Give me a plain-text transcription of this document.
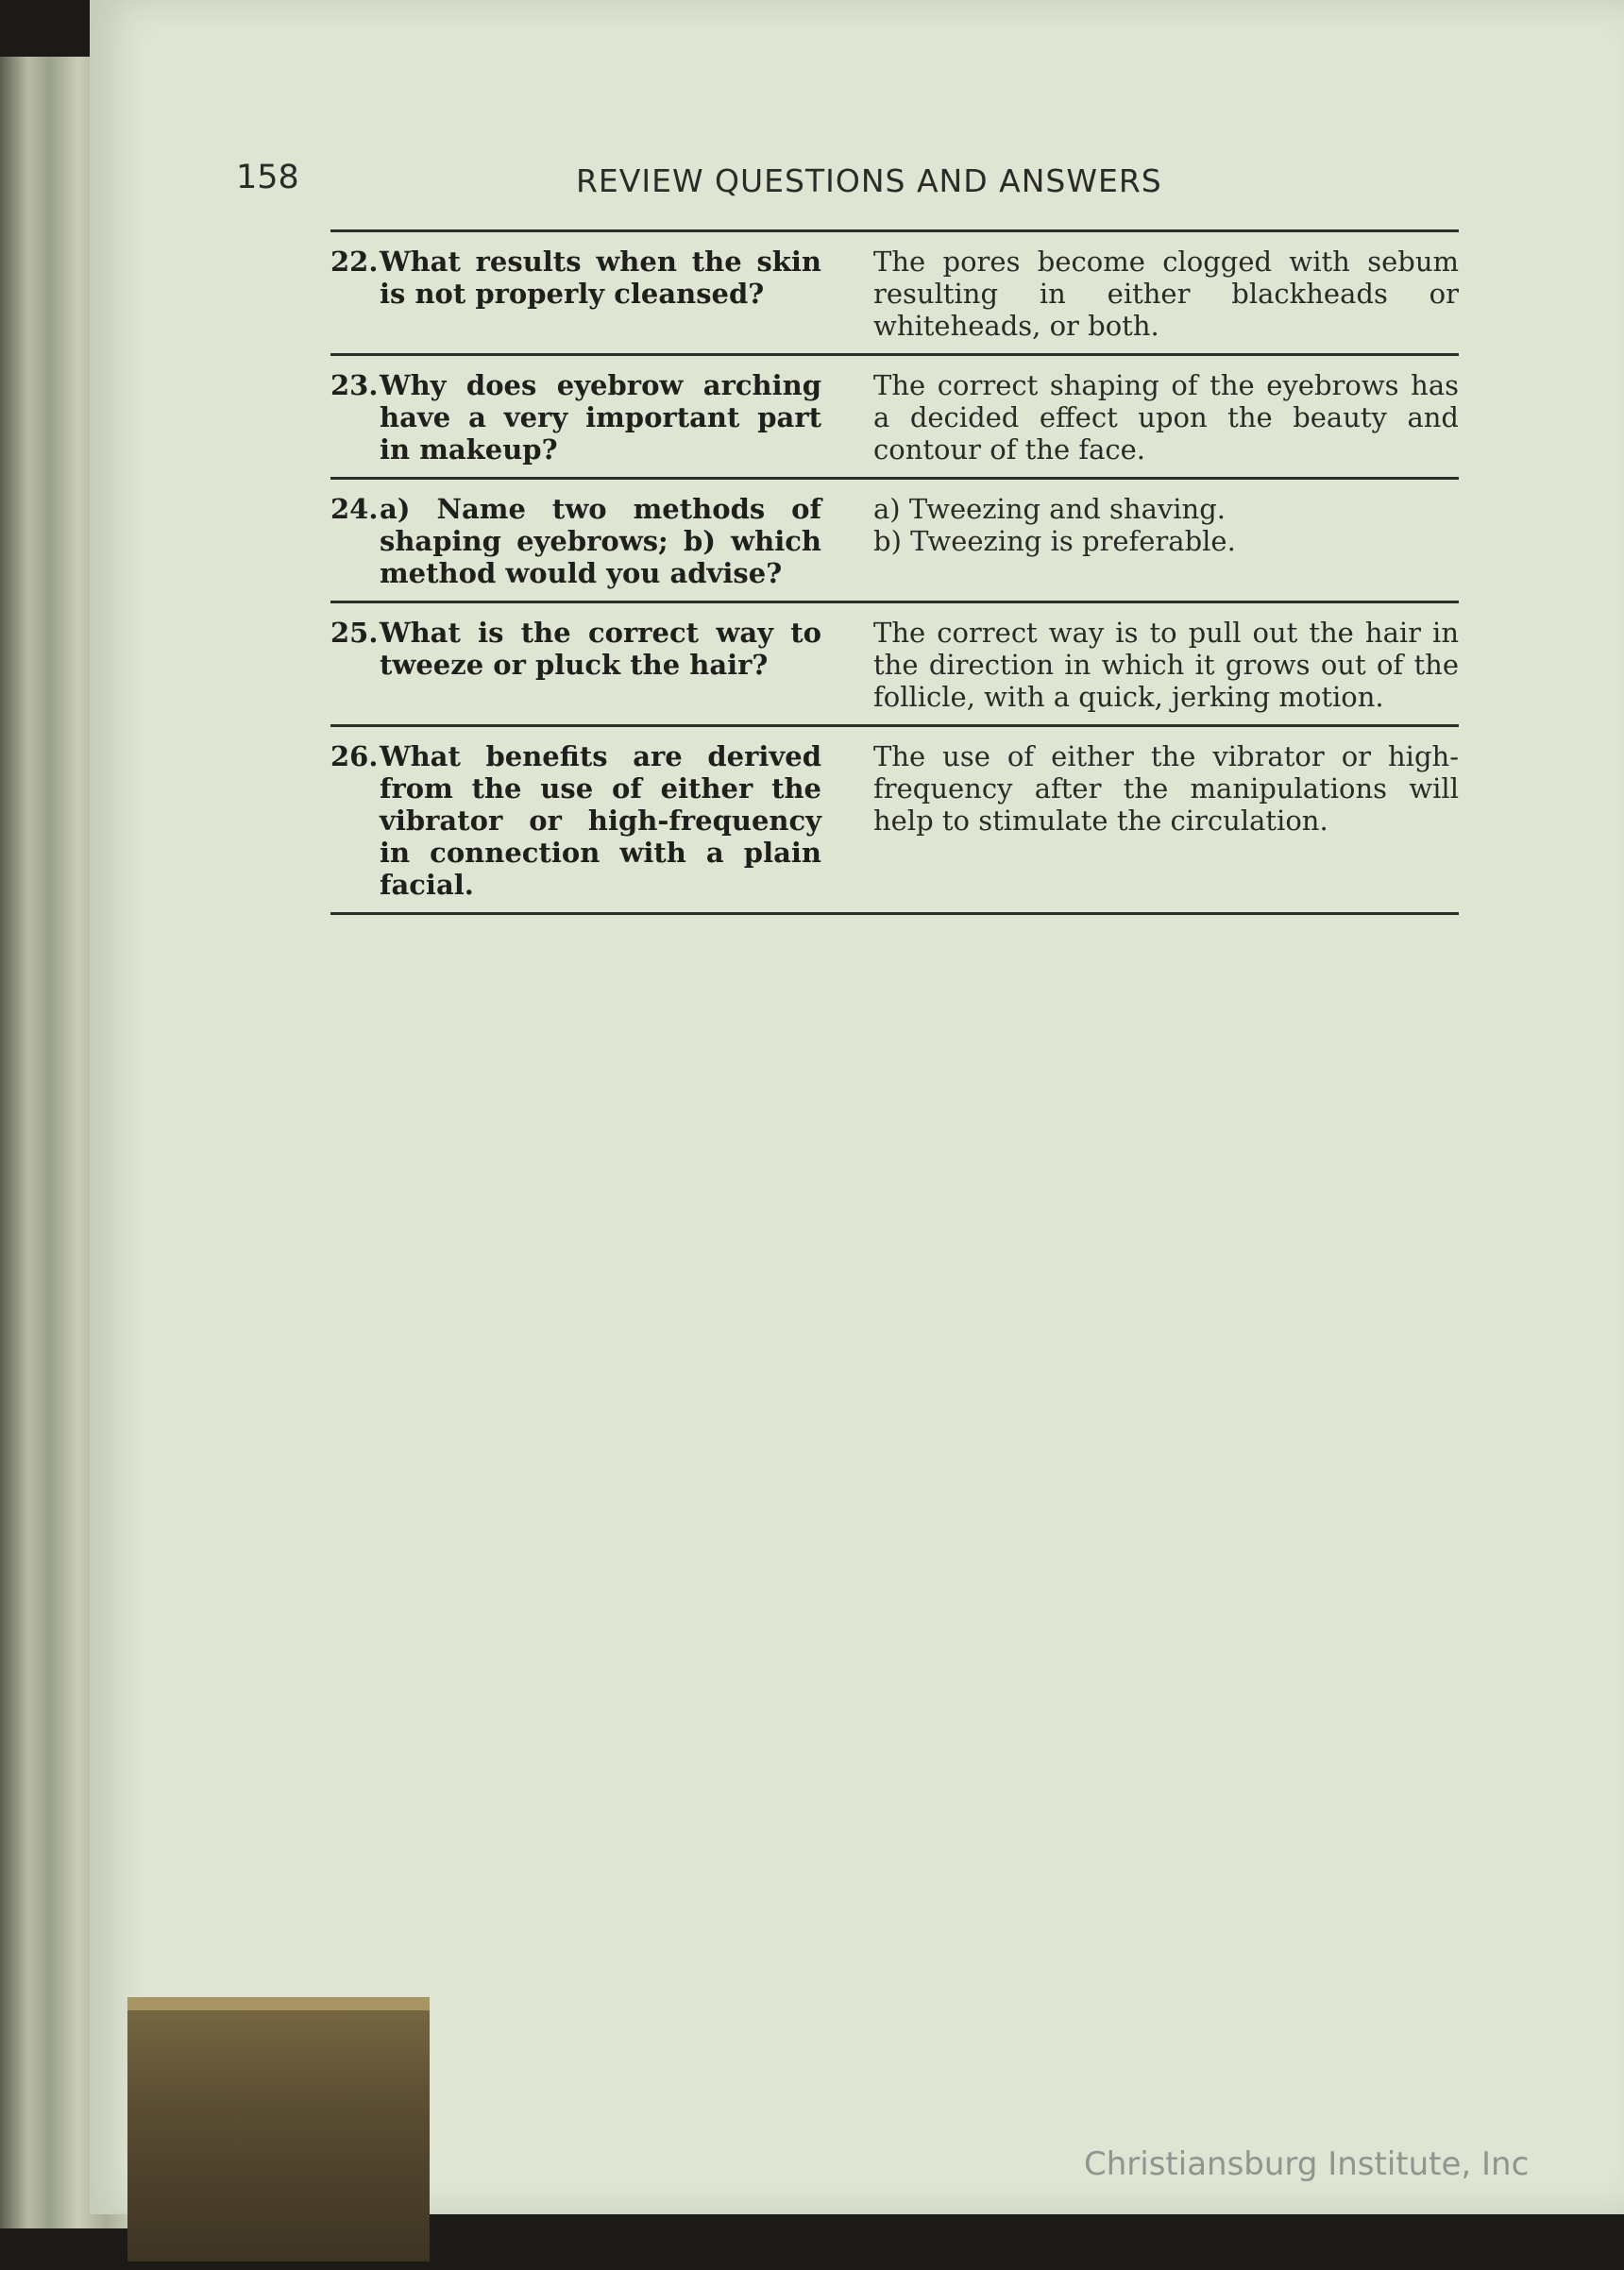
158	REVIEW QUESTIONS AND ANSWERS
22. What results when the skin is not properly cleansed?
The pores become clogged with sebum resulting in either blackheads or whiteheads, or both.
23. Why does eyebrow arching have a very important part in makeup?
The correct shaping of the eyebrows has a decided effect upon the beauty and contour of the face.
24. a) Name two methods of shaping eyebrows; b) which method would you advise?
a) Tweezing and shaving.
b) Tweezing is preferable.
25. What is the correct way to tweeze or pluck the hair?
The correct way is to pull out the hair in the direction in which it grows out of the follicle, with a quick, jerking motion.
26. What benefits are derived from the use of either the vibrator or high-frequency in connection with a plain facial.
The use of either the vibrator or high-frequency after the manipulations will help to stimulate the circulation.
Christiansburg Institute, Inc
